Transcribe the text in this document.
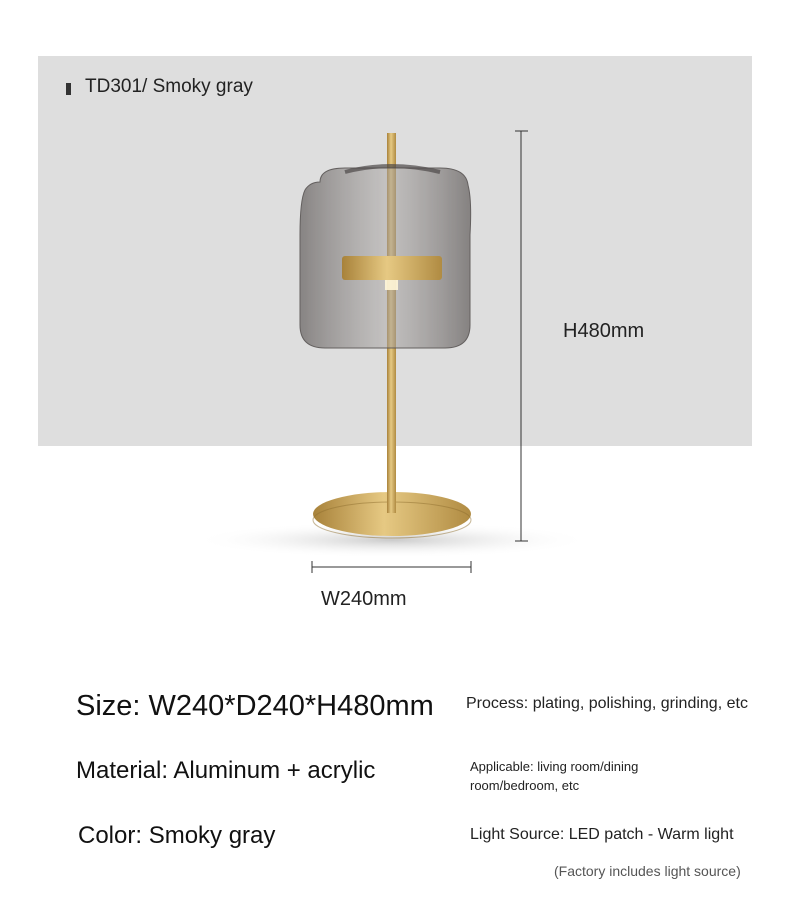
TD301/ Smoky gray
H480mm
W240mm
Size: W240*D240*H480mm
Material: Aluminum + acrylic
Color: Smoky gray
Process: plating, polishing, grinding, etc
Applicable: living room/dining room/bedroom, etc
Light Source: LED patch - Warm light
(Factory includes light source)
